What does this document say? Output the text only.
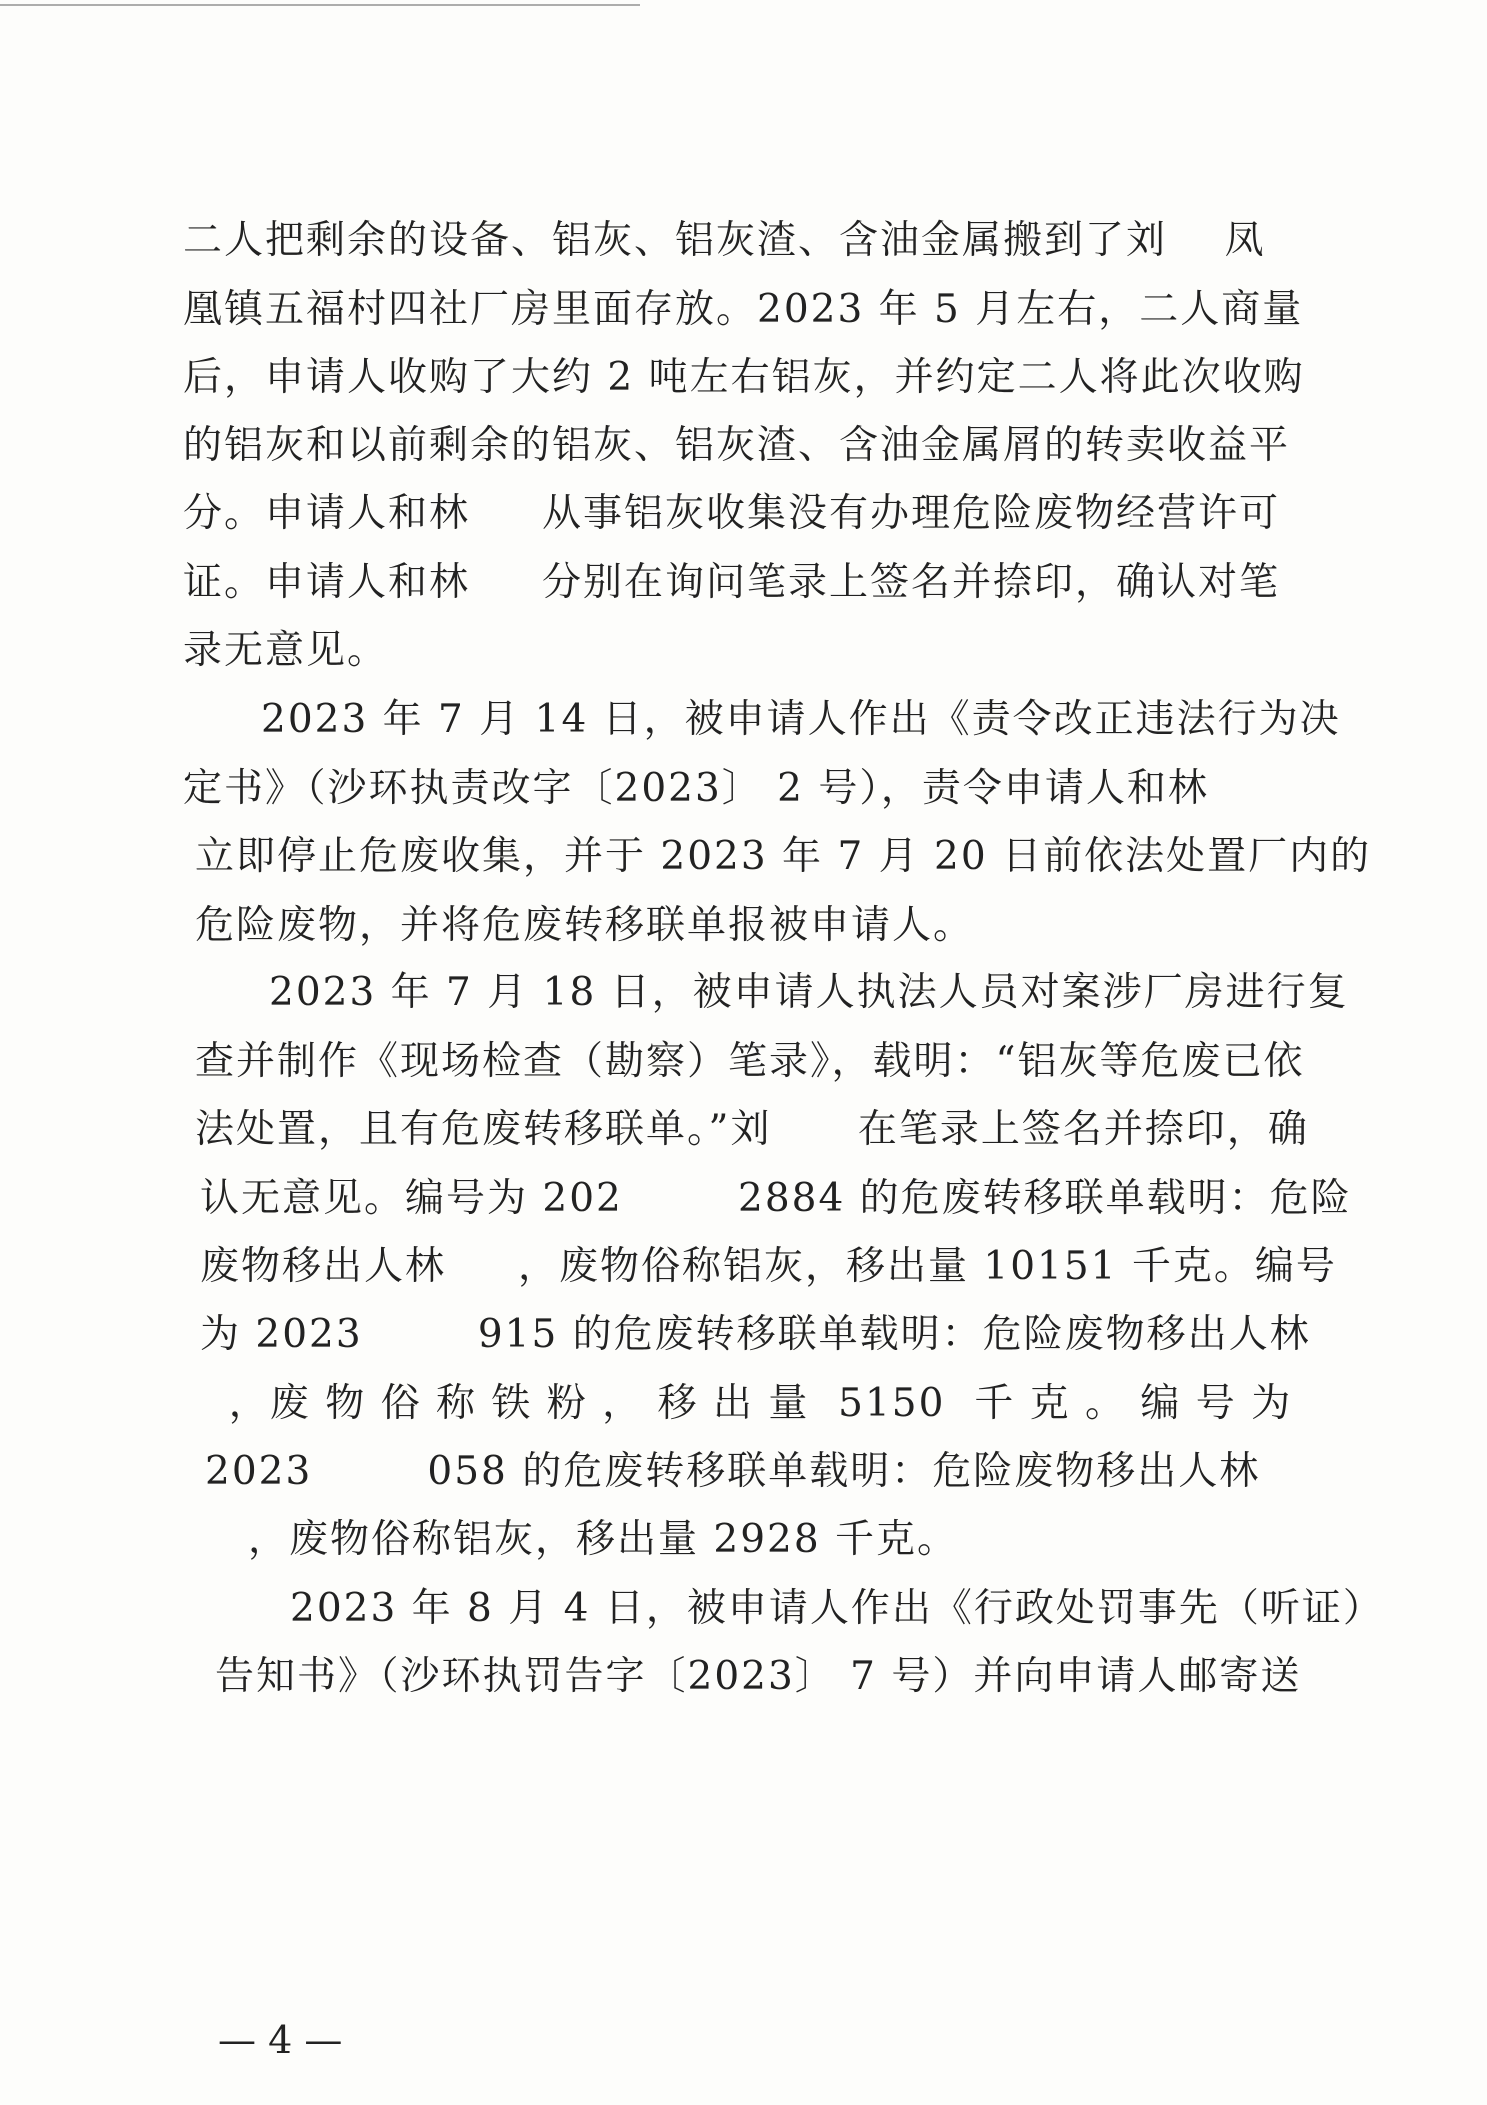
二人把剩余的设备、铝灰、铝灰渣、含油金属搬到了刘    凤
凰镇五福村四社厂房里面存放。2023 年 5 月左右，二人商量
后，申请人收购了大约 2 吨左右铝灰，并约定二人将此次收购
的铝灰和以前剩余的铝灰、铝灰渣、含油金属屑的转卖收益平
分。申请人和林     从事铝灰收集没有办理危险废物经营许可
证。申请人和林     分别在询问笔录上签名并捺印，确认对笔
录无意见。
2023 年 7 月 14 日，被申请人作出《责令改正违法行为决
定书》（沙环执责改字〔2023〕 2 号），责令申请人和林
立即停止危废收集，并于 2023 年 7 月 20 日前依法处置厂内的
危险废物，并将危废转移联单报被申请人。
2023 年 7 月 18 日，被申请人执法人员对案涉厂房进行复
查并制作《现场检查（勘察）笔录》，载明：“铝灰等危废已依
法处置，且有危废转移联单。”刘      在笔录上签名并捺印，确
认无意见。编号为 202        2884 的危废转移联单载明：危险
废物移出人林     ，废物俗称铝灰，移出量 10151 千克。编号
为 2023        915 的危废转移联单载明：危险废物移出人林
，废 物 俗 称 铁 粉 ， 移 出 量  5150  千 克 。 编 号 为
2023        058 的危废转移联单载明：危险废物移出人林
，废物俗称铝灰，移出量 2928 千克。
2023 年 8 月 4 日，被申请人作出《行政处罚事先（听证）
告知书》（沙环执罚告字〔2023〕 7 号）并向申请人邮寄送
— 4 —
